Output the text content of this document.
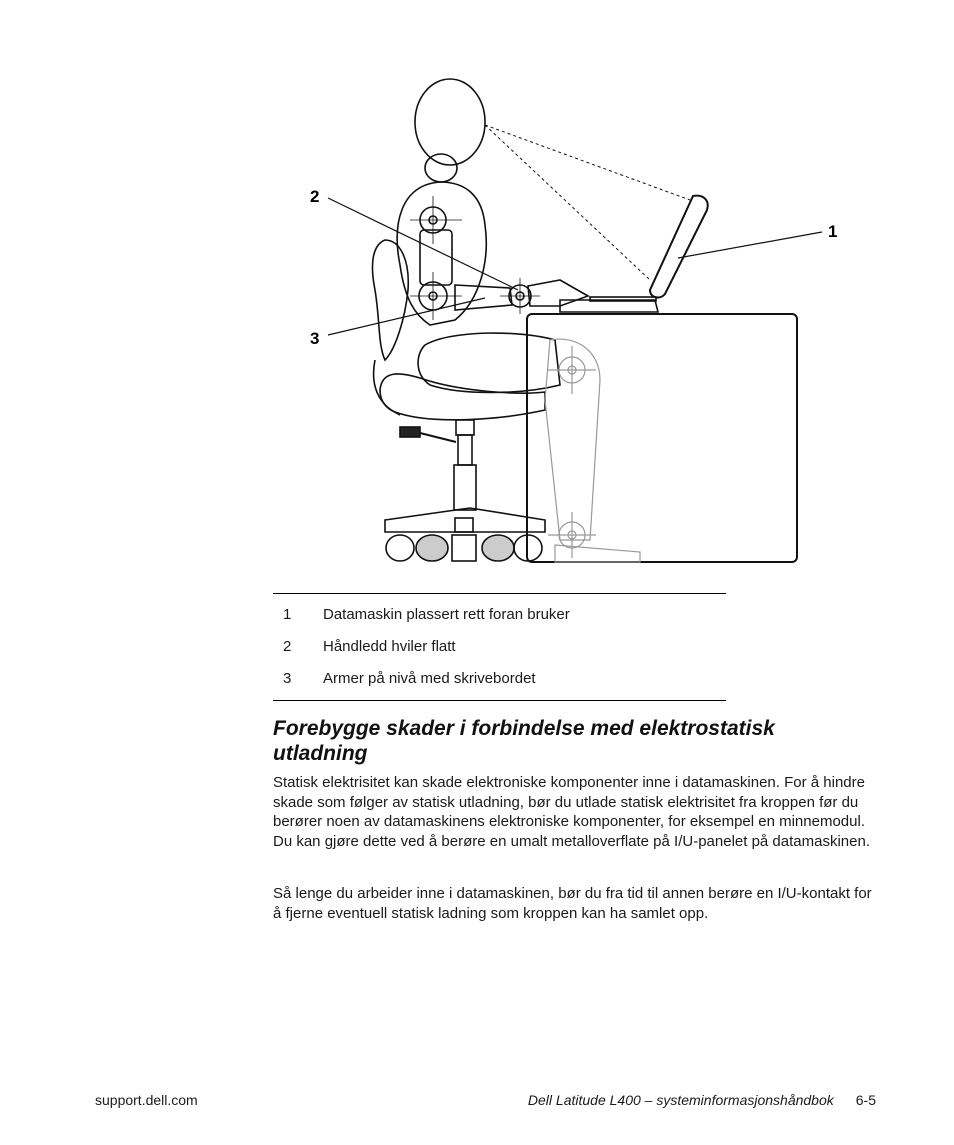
1
2
3
1	Datamaskin plassert rett foran bruker
2	Håndledd hviler flatt
3	Armer på nivå med skrivebordet
Forebygge skader i forbindelse med elektrostatisk utladning

Statisk elektrisitet kan skade elektroniske komponenter inne i datamaskinen. For å hindre skade som følger av statisk utladning, bør du utlade statisk elektrisitet fra kroppen før du berører noen av datamaskinens elektroniske komponenter, for eksempel en minnemodul. Du kan gjøre dette ved å berøre en umalt metalloverflate på I/U-panelet på datamaskinen.

Så lenge du arbeider inne i datamaskinen, bør du fra tid til annen berøre en I/U-kontakt for å fjerne eventuell statisk ladning som kroppen kan ha samlet opp.

support.dell.com	Dell Latitude L400 – systeminformasjonshåndbok 6-5
